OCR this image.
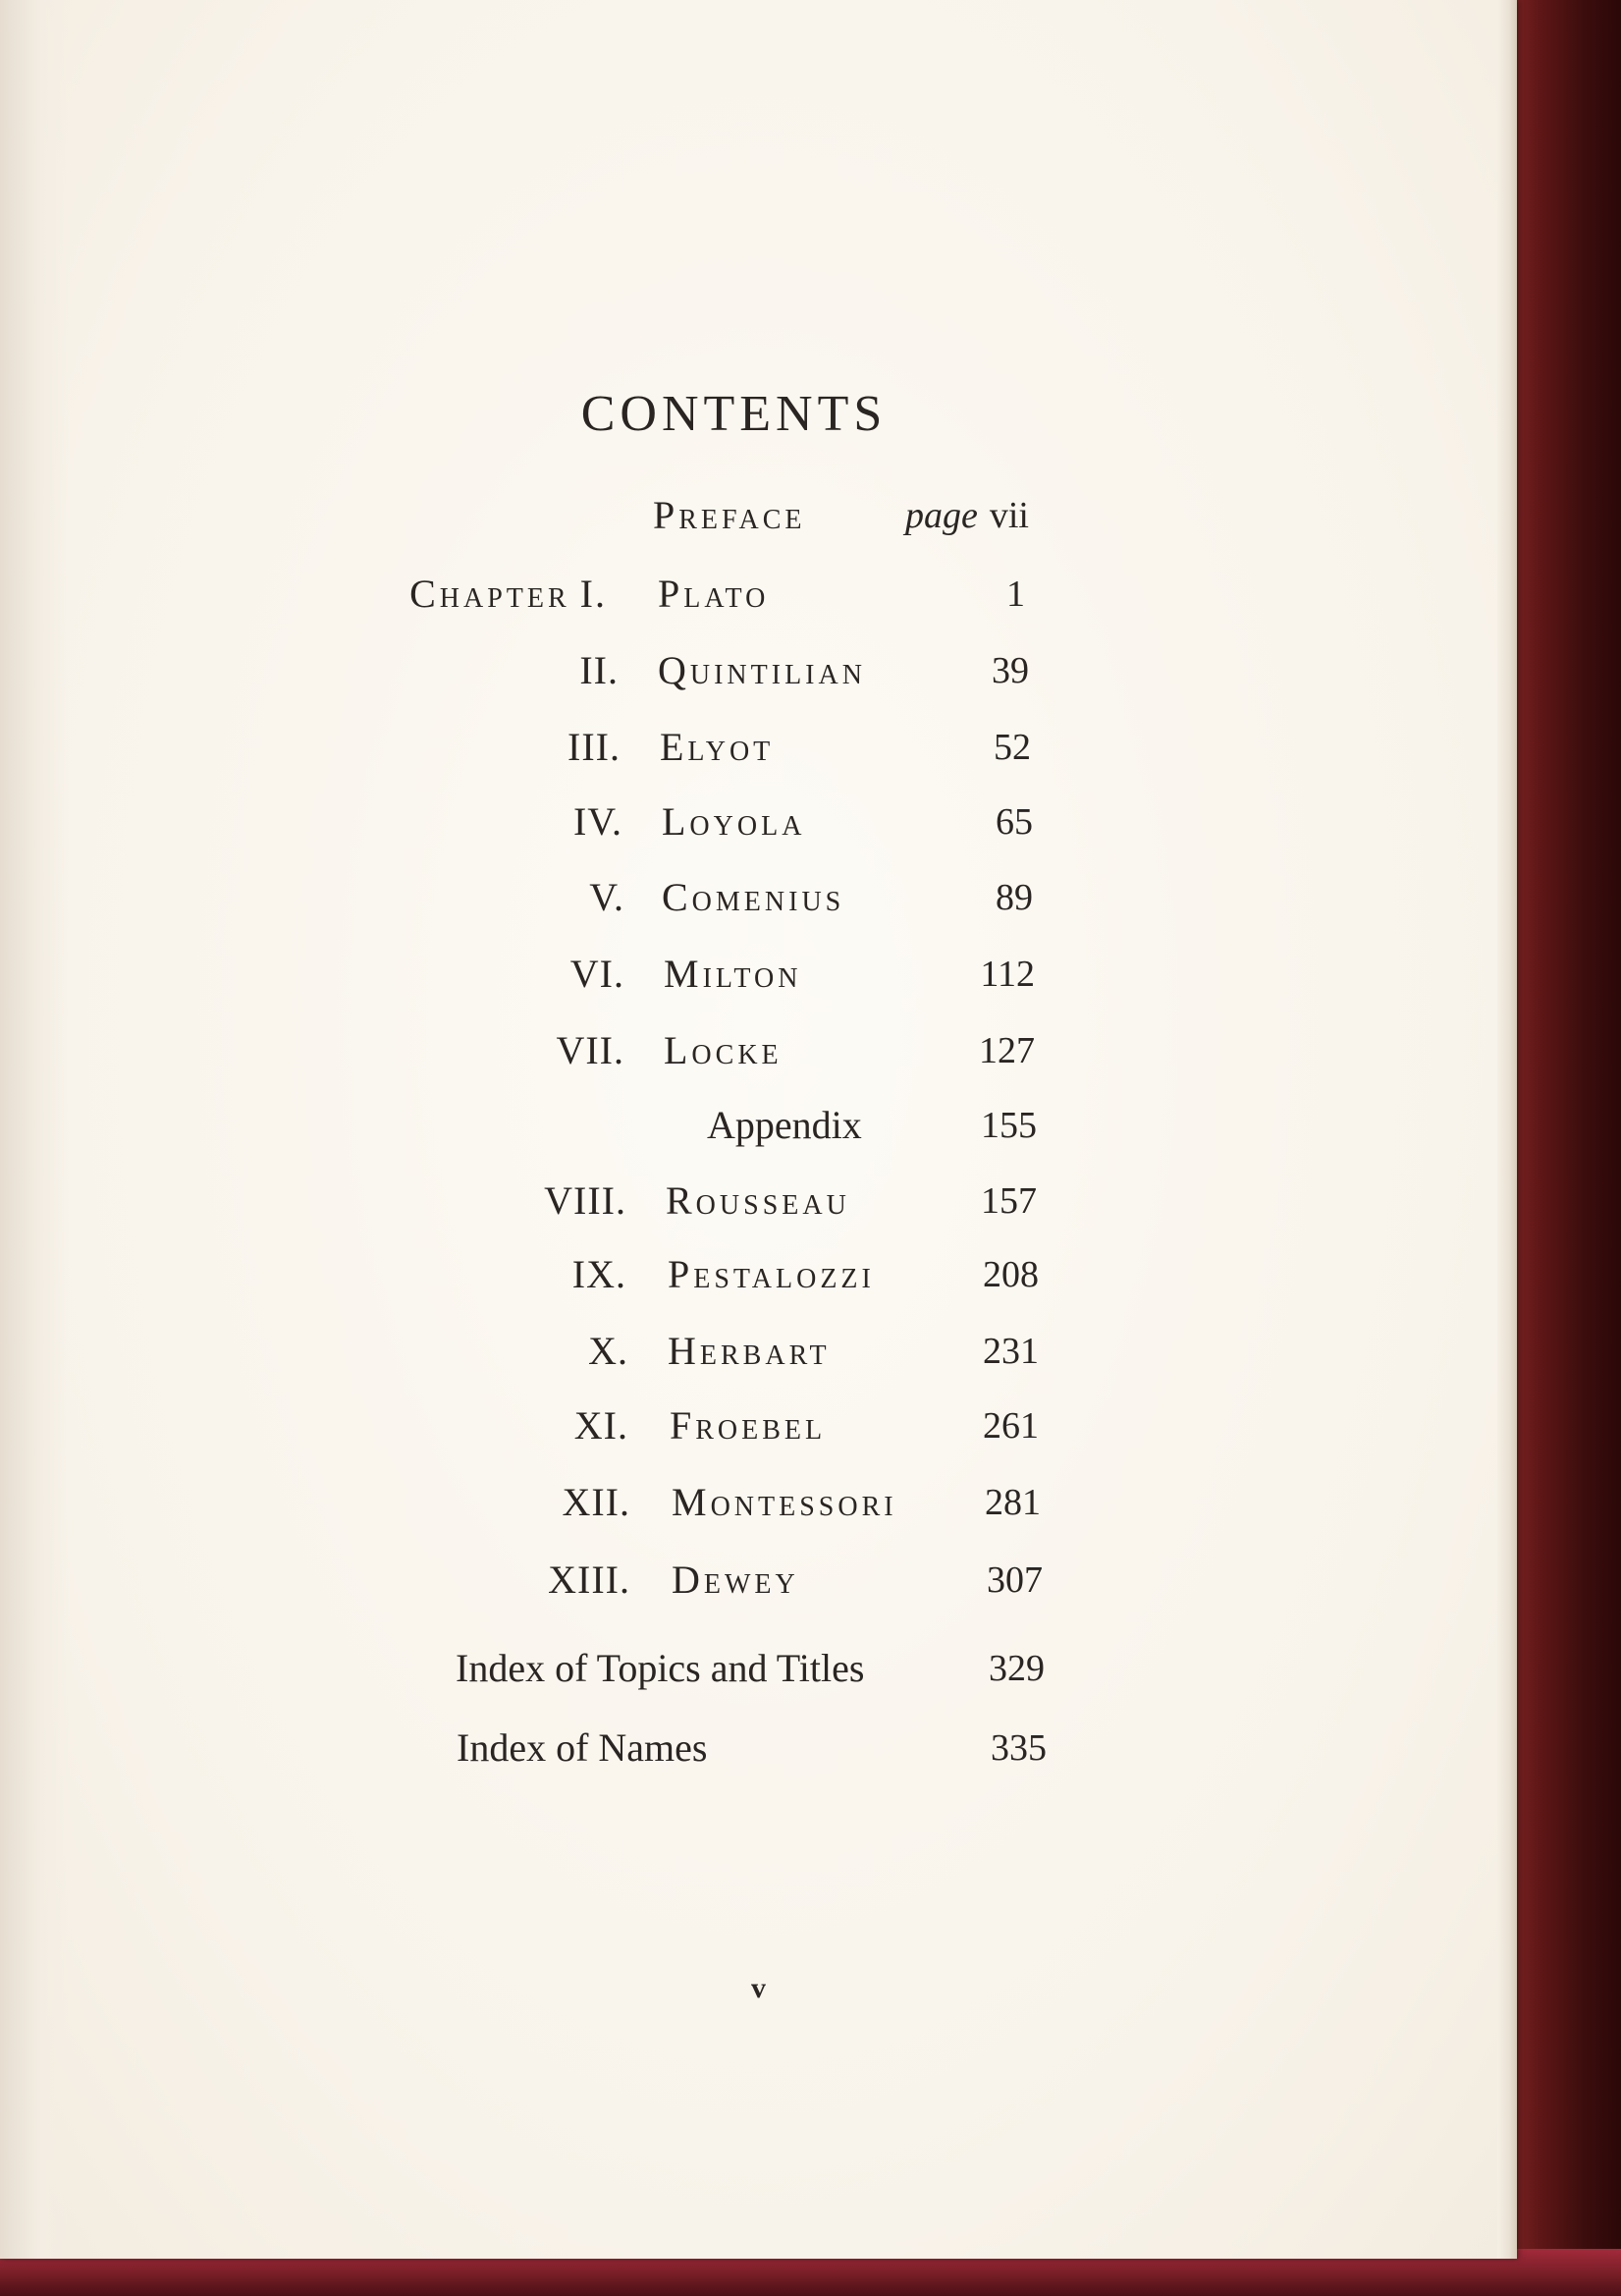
CONTENTS
Preface	page vii
Chapter  I. Plato	1
II. Quintilian	39
III. Elyot	52
IV. Loyola	65
V. Comenius	89
VI. Milton	112
VII. Locke	127
Appendix	155
VIII. Rousseau	157
IX. Pestalozzi	208
X. Herbart	231
XI. Froebel	261
XII. Montessori 281
XIII. Dewey	307
Index of Topics and Titles	329
Index of Names	335
v
